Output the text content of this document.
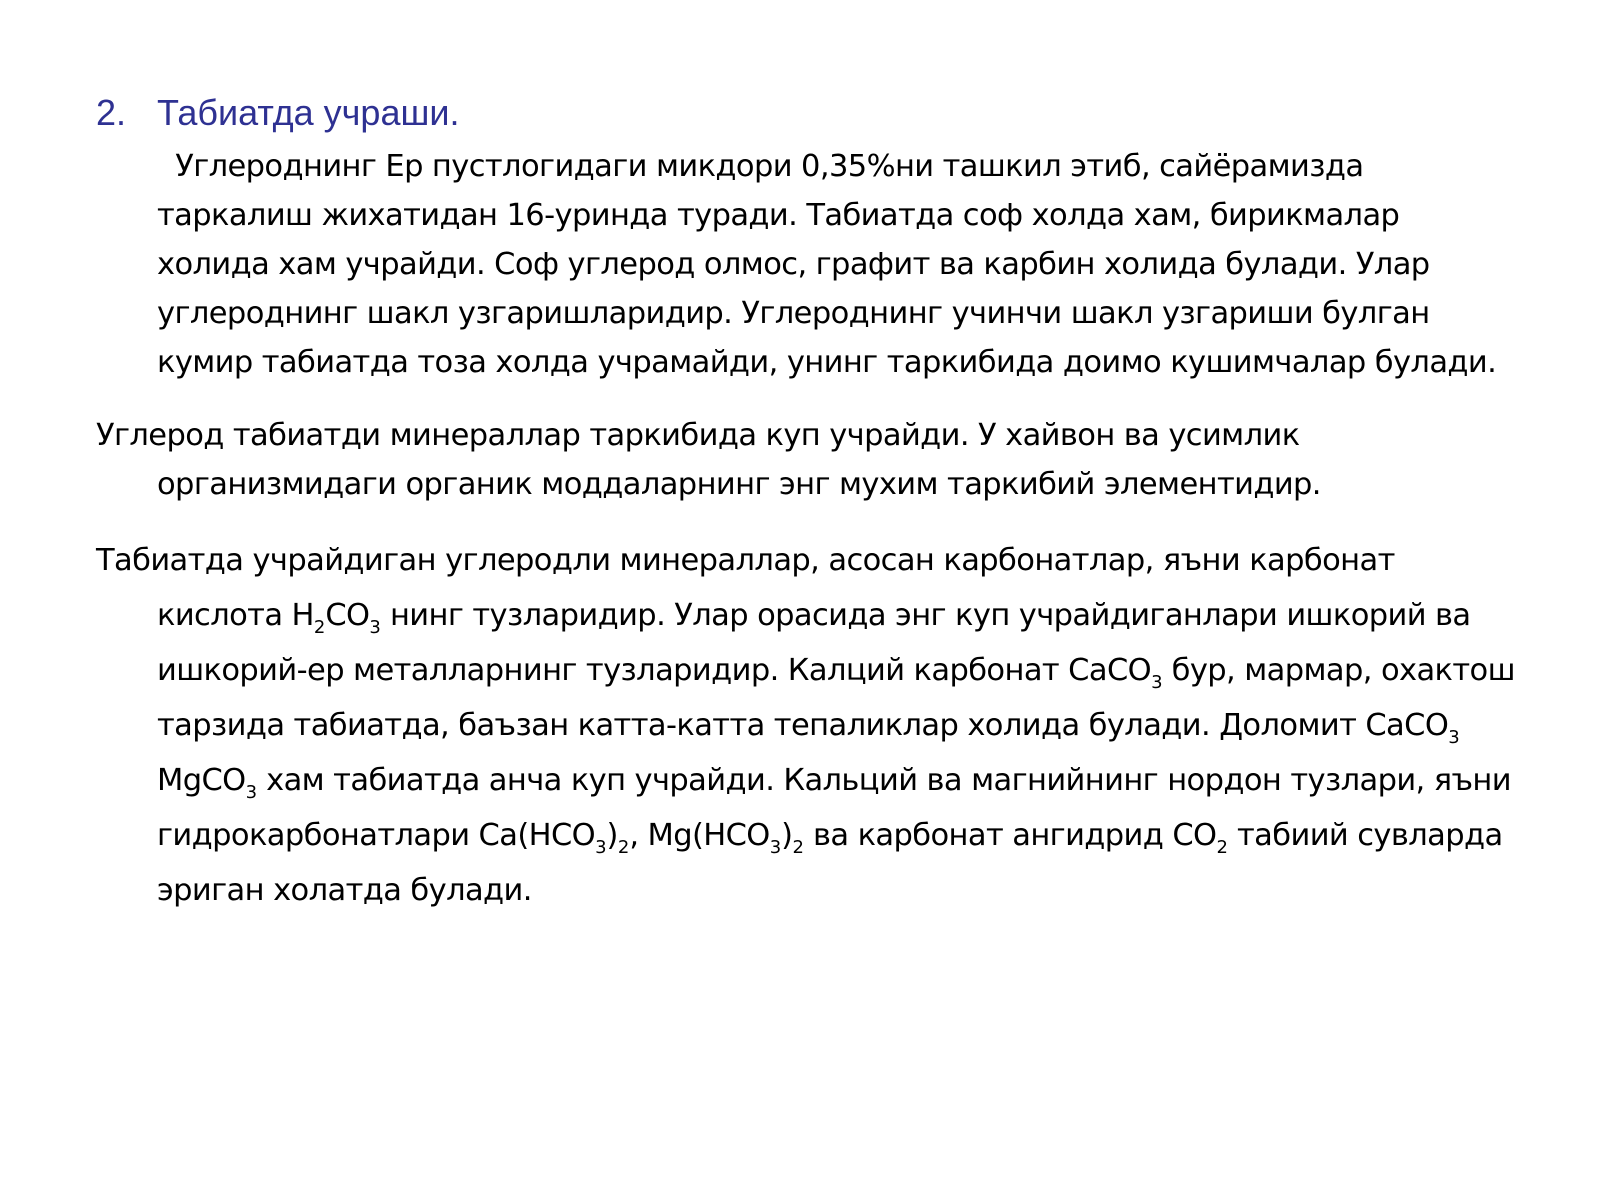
2. Табиатда учраши.

Углероднинг Ер пустлогидаги микдори 0,35%ни ташкил этиб, сайёрамизда таркалиш жихатидан 16-уринда туради. Табиатда соф холда хам, бирикмалар холида хам учрайди. Соф углерод олмос, графит ва карбин холида булади. Улар углероднинг шакл узгаришларидир. Углероднинг учинчи шакл узгариши булган кумир табиатда тоза холда учрамайди, унинг таркибида доимо кушимчалар булади.

Углерод табиатди минераллар таркибида куп учрайди. У хайвон ва усимлик организмидаги органик моддаларнинг энг мухим таркибий элементидир.

Табиатда учрайдиган углеродли минераллар, асосан карбонатлар, яъни карбонат кислота $H_2CO_3$ нинг тузларидир. Улар орасида энг куп учрайдиганлари ишкорий ва ишкорий-ер металларнинг тузларидир. Калций карбонат CaCO$_3$ бур, мармар, охактош тарзида табиатда, баъзан катта-катта тепаликлар холида булади. Доломит CaCO$_3$ MgCO$_3$ хам табиатда анча куп учрайди. Кальций ва магнийнинг нордон тузлари, яъни гидрокарбонатлари $Ca(HCO_3)_2$, $Mg(HCO_3)_2$ ва карбонат ангидрид $CO_2$ табиий сувларда эриган холатда булади.
